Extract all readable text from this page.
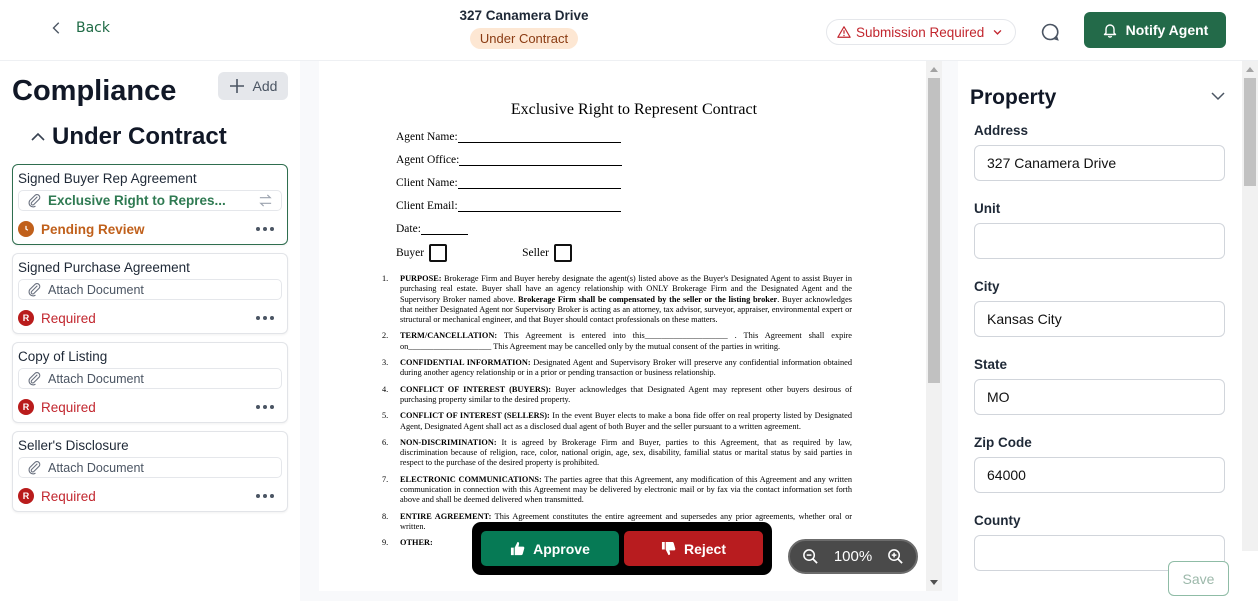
Back
327 Canamera Drive
Under Contract	Submission Required	Notify Agent
Compliance	Add
Under Contract
Signed Buyer Rep Agreement
Exclusive Right to Repres...
Pending Review
Signed Purchase Agreement
Attach Document
R Required
Copy of Listing
Attach Document
R Required
Seller's Disclosure
Attach Document
R Required
Exclusive Right to Represent Contract
Agent Name:
Agent Office:
Client Name:
Client Email:
Date:
Buyer	Seller
1.	PURPOSE: Brokerage Firm and Buyer hereby designate the agent(s) listed above as the Buyer's Designated Agent to assist Buyer in purchasing real estate. Buyer shall have an agency relationship with ONLY Brokerage Firm and the Designated Agent and the Supervisory Broker named above. Brokerage Firm shall be compensated by the seller or the listing broker. Buyer acknowledges that neither Designated Agent nor Supervisory Broker is acting as an attorney, tax advisor, surveyor, appraiser, environmental expert or structural or mechanical engineer, and that Buyer should contact professionals on these matters.
2.	TERM/CANCELLATION: This Agreement is entered into this____________________ . This Agreement shall expire on____________________ This Agreement may be cancelled only by the mutual consent of the parties in writing.
3.	CONFIDENTIAL INFORMATION: Designated Agent and Supervisory Broker will preserve any confidential information obtained during another agency relationship or in a prior or pending transaction or business relationship.
4.	CONFLICT OF INTEREST (BUYERS): Buyer acknowledges that Designated Agent may represent other buyers desirous of purchasing property similar to the desired property.
5.	CONFLICT OF INTEREST (SELLERS): In the event Buyer elects to make a bona fide offer on real property listed by Designated Agent, Designated Agent shall act as a disclosed dual agent of both Buyer and the seller pursuant to a written agreement.
6.	NON-DISCRIMINATION: It is agreed by Brokerage Firm and Buyer, parties to this Agreement, that as required by law, discrimination because of religion, race, color, national origin, age, sex, disability, familial status or marital status by said parties in respect to the purchase of the desired property is prohibited.
7.	ELECTRONIC COMMUNICATIONS: The parties agree that this Agreement, any modification of this Agreement and any written communication in connection with this Agreement may be delivered by electronic mail or by fax via the contact information set forth above and shall be deemed delivered when transmitted.
8.	ENTIRE AGREEMENT: This Agreement constitutes the entire agreement and supersedes any prior agreements, whether oral or written.
9.	OTHER:	Approve	Reject	100%
Property
Address
327 Canamera Drive
Unit
City
Kansas City
State
MO
Zip Code
64000
County
Save
